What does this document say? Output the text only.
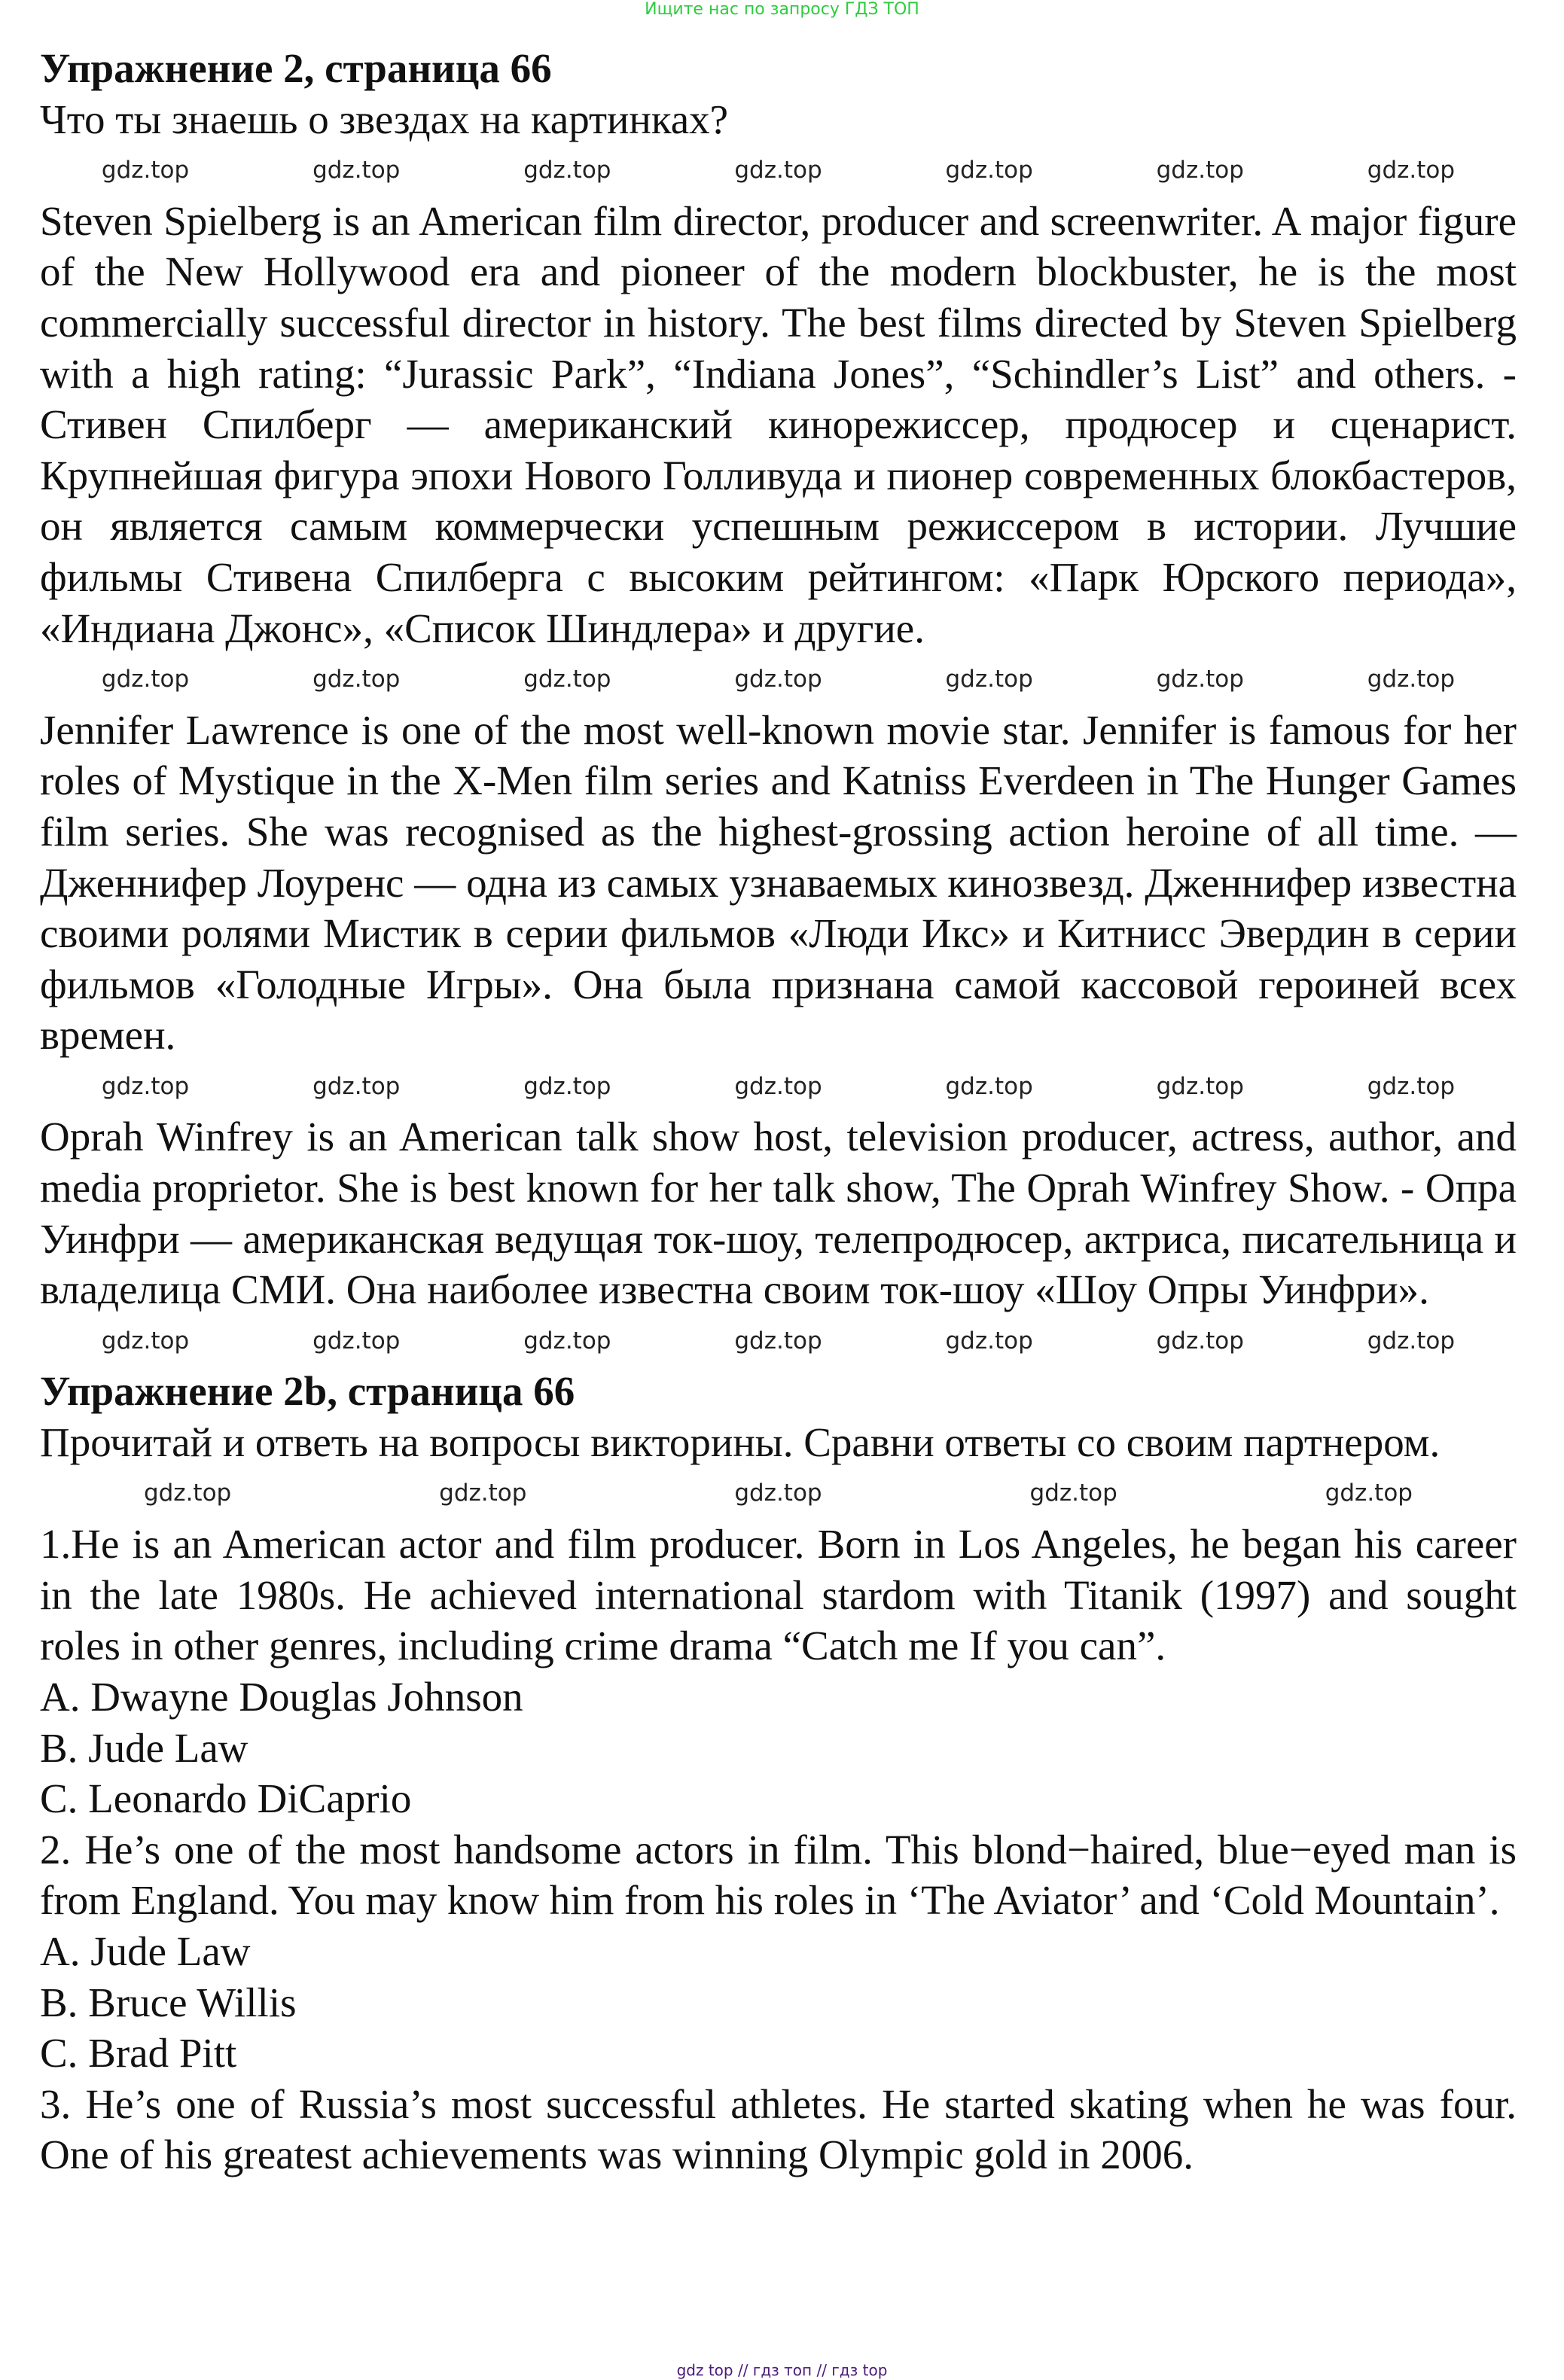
Ищите нас по запросу ГДЗ ТОП
Упражнение 2, страница 66

Что ты знаешь о звездах на картинках?

gdz.top	gdz.top	gdz.top	gdz.top	gdz.top	gdz.top	gdz.top

Steven Spielberg is an American film director, producer and screenwriter. A major figure of the New Hollywood era and pioneer of the modern blockbuster, he is the most commercially successful director in history. The best films directed by Steven Spielberg with a high rating: “Jurassic Park”, “Indiana Jones”, “Schindler’s List” and others. - Стивен Спилберг — американский кинорежиссер, продюсер и сценарист. Крупнейшая фигура эпохи Нового Голливуда и пионер современных блокбастеров, он является самым коммерчески успешным режиссером в истории. Лучшие фильмы Стивена Спилберга с высоким рейтингом: «Парк Юрского периода», «Индиана Джонс», «Список Шиндлера» и другие.

gdz.top	gdz.top	gdz.top	gdz.top	gdz.top	gdz.top	gdz.top

Jennifer Lawrence is one of the most well-known movie star. Jennifer is famous for her roles of Mystique in the X-Men film series and Katniss Everdeen in The Hunger Games film series. She was recognised as the highest-grossing action heroine of all time. — Дженнифер Лоуренс — одна из самых узнаваемых кинозвезд. Дженнифер известна своими ролями Мистик в серии фильмов «Люди Икс» и Китнисс Эвердин в серии фильмов «Голодные Игры». Она была признана самой кассовой героиней всех времен.

gdz.top	gdz.top	gdz.top	gdz.top	gdz.top	gdz.top	gdz.top

Oprah Winfrey is an American talk show host, television producer, actress, author, and media proprietor. She is best known for her talk show, The Oprah Winfrey Show. - Опра Уинфри — американская ведущая ток-шоу, телепродюсер, актриса, писательница и владелица СМИ. Она наиболее известна своим ток-шоу «Шоу Опры Уинфри».

gdz.top	gdz.top	gdz.top	gdz.top	gdz.top	gdz.top	gdz.top
Упражнение 2b, страница 66

Прочитай и ответь на вопросы викторины. Сравни ответы со своим партнером.

gdz.top	gdz.top	gdz.top	gdz.top	gdz.top

1.He is an American actor and film producer. Born in Los Angeles, he began his career in the late 1980s. He achieved international stardom with Titanik (1997) and sought roles in other genres, including crime drama “Catch me If you can”.

A. Dwayne Douglas Johnson

B. Jude Law

C. Leonardo DiCaprio

2. He’s one of the most handsome actors in film. This blond−haired, blue−eyed man is from England. You may know him from his roles in ‘The Aviator’ and ‘Cold Mountain’.

A. Jude Law

B. Bruce Willis

C. Brad Pitt

3. He’s one of Russia’s most successful athletes. He started skating when he was four. One of his greatest achievements was winning Olympic gold in 2006.

gdz top // гдз топ // гдз top
